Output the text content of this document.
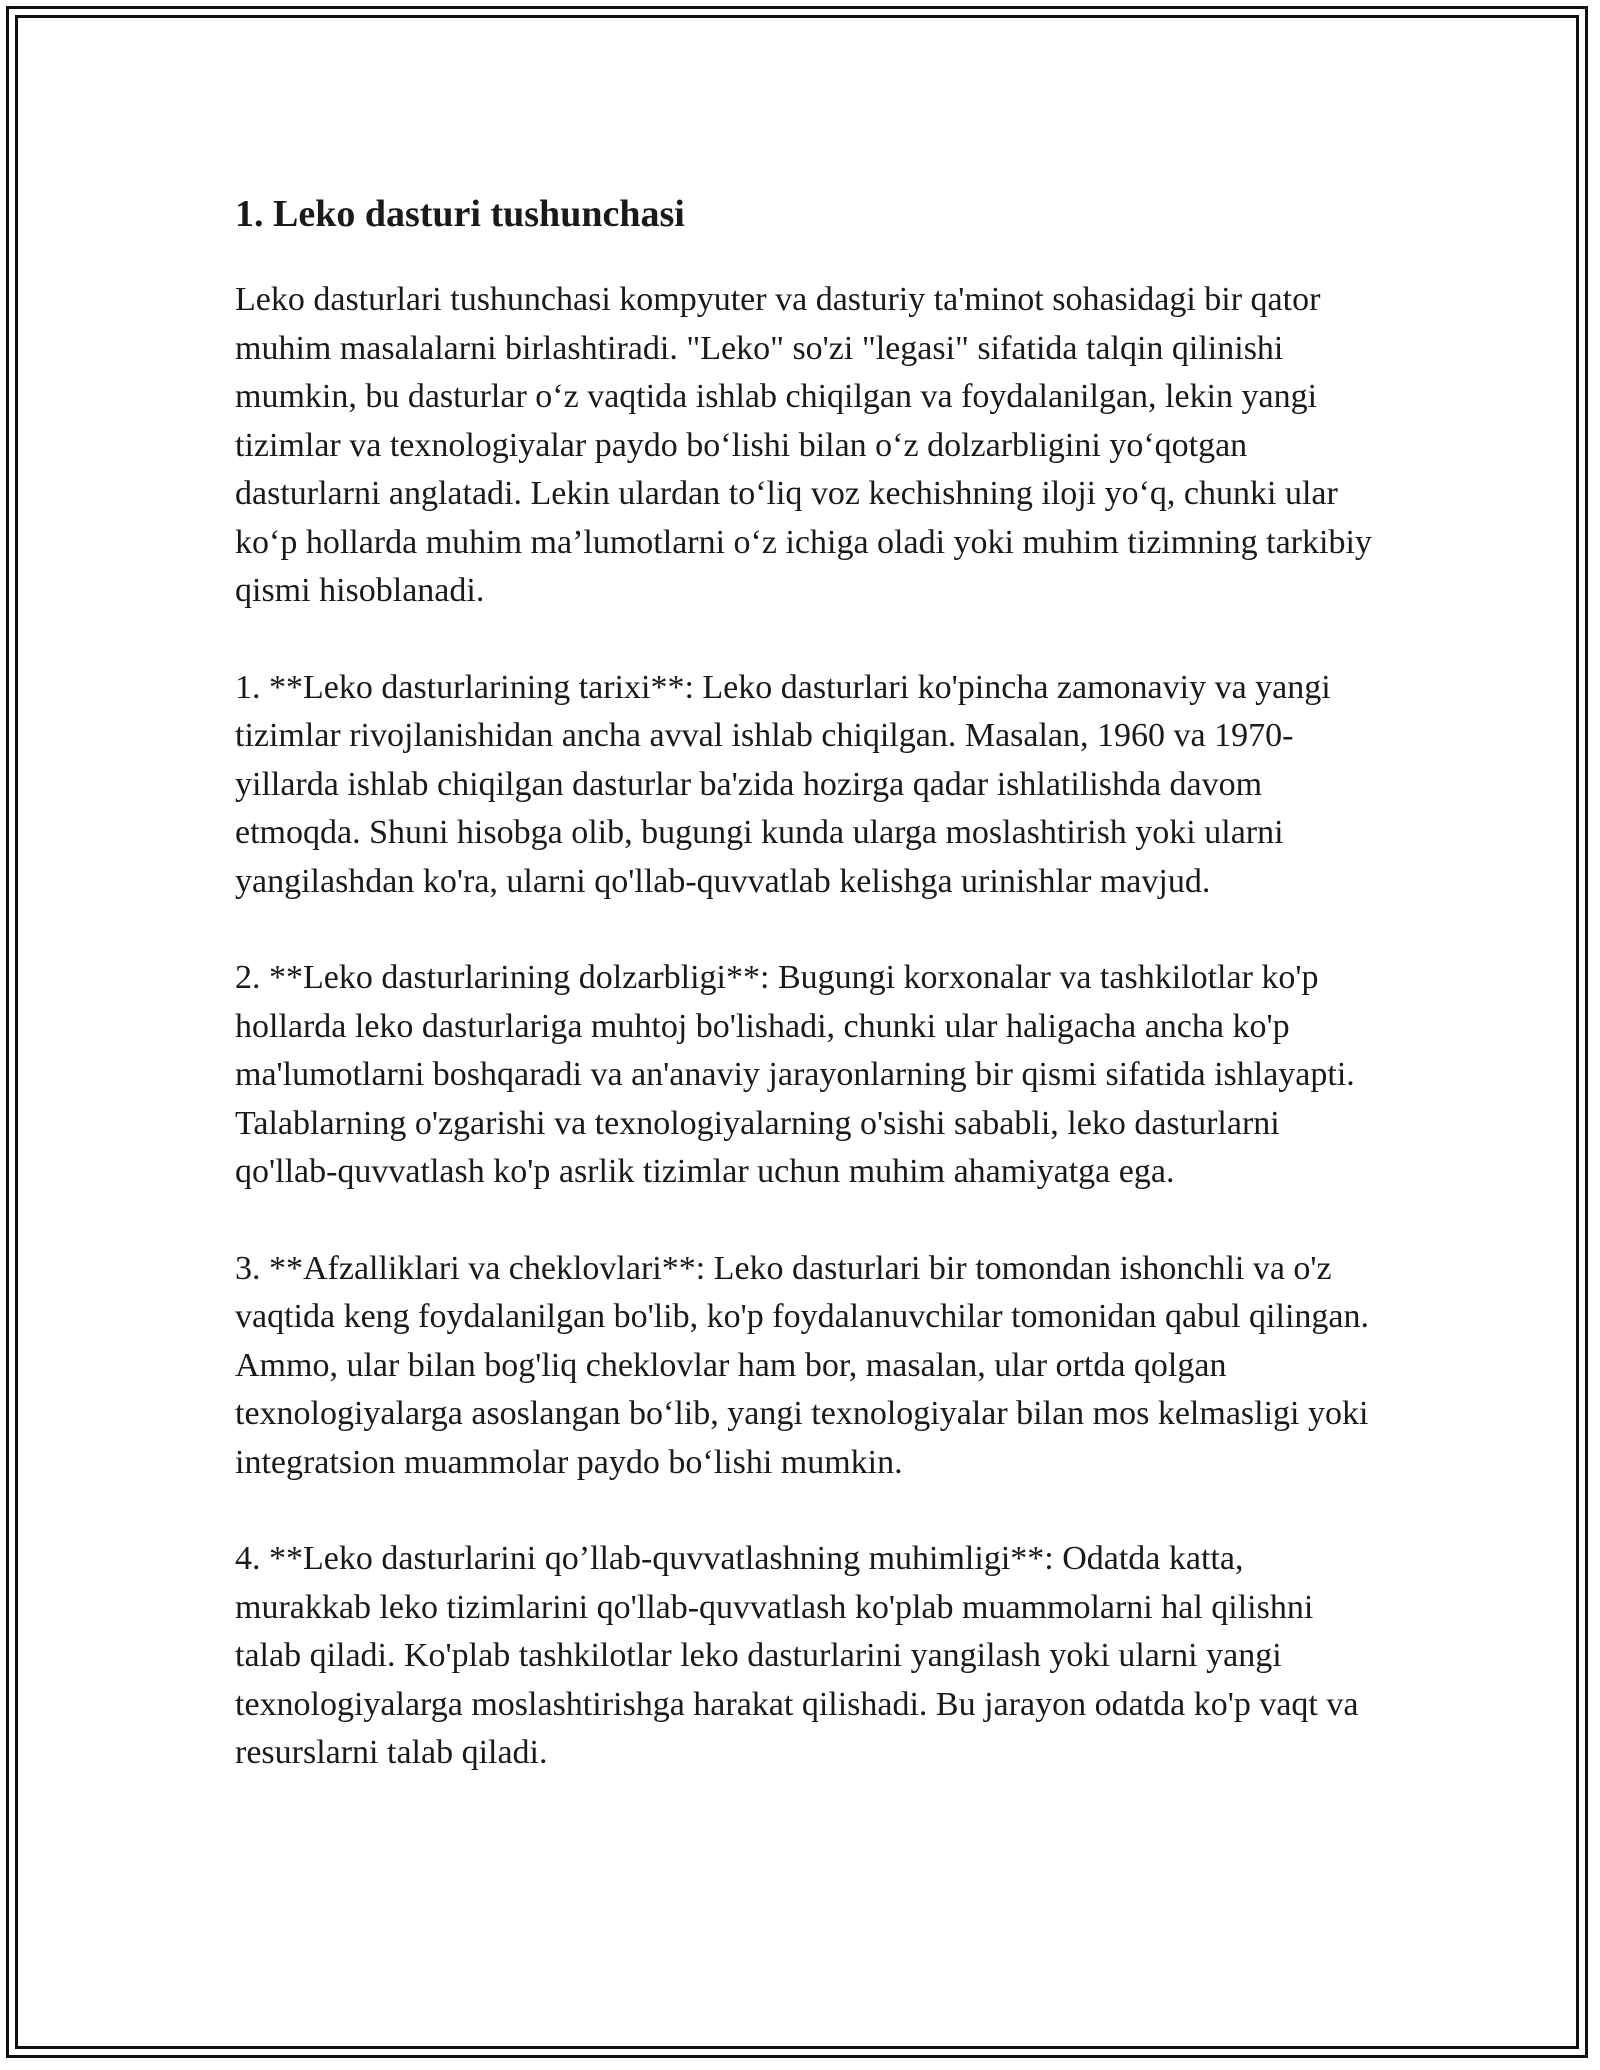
1. Leko dasturi tushunchasi

Leko dasturlari tushunchasi kompyuter va dasturiy ta'minot sohasidagi bir qator muhim masalalarni birlashtiradi. "Leko" so'zi "legasi" sifatida talqin qilinishi mumkin, bu dasturlar o‘z vaqtida ishlab chiqilgan va foydalanilgan, lekin yangi tizimlar va texnologiyalar paydo bo‘lishi bilan o‘z dolzarbligini yo‘qotgan dasturlarni anglatadi. Lekin ulardan to‘liq voz kechishning iloji yo‘q, chunki ular ko‘p hollarda muhim ma’lumotlarni o‘z ichiga oladi yoki muhim tizimning tarkibiy qismi hisoblanadi.

1. **Leko dasturlarining tarixi**: Leko dasturlari ko'pincha zamonaviy va yangi tizimlar rivojlanishidan ancha avval ishlab chiqilgan. Masalan, 1960 va 1970-yillarda ishlab chiqilgan dasturlar ba'zida hozirga qadar ishlatilishda davom etmoqda. Shuni hisobga olib, bugungi kunda ularga moslashtirish yoki ularni yangilashdan ko'ra, ularni qo'llab-quvvatlab kelishga urinishlar mavjud.

2. **Leko dasturlarining dolzarbligi**: Bugungi korxonalar va tashkilotlar ko'p hollarda leko dasturlariga muhtoj bo'lishadi, chunki ular haligacha ancha ko'p ma'lumotlarni boshqaradi va an'anaviy jarayonlarning bir qismi sifatida ishlayapti. Talablarning o'zgarishi va texnologiyalarning o'sishi sababli, leko dasturlarni qo'llab-quvvatlash ko'p asrlik tizimlar uchun muhim ahamiyatga ega.

3. **Afzalliklari va cheklovlari**: Leko dasturlari bir tomondan ishonchli va o'z vaqtida keng foydalanilgan bo'lib, ko'p foydalanuvchilar tomonidan qabul qilingan. Ammo, ular bilan bog'liq cheklovlar ham bor, masalan, ular ortda qolgan texnologiyalarga asoslangan bo‘lib, yangi texnologiyalar bilan mos kelmasligi yoki integratsion muammolar paydo bo‘lishi mumkin.

4. **Leko dasturlarini qo’llab-quvvatlashning muhimligi**: Odatda katta, murakkab leko tizimlarini qo'llab-quvvatlash ko'plab muammolarni hal qilishni talab qiladi. Ko'plab tashkilotlar leko dasturlarini yangilash yoki ularni yangi texnologiyalarga moslashtirishga harakat qilishadi. Bu jarayon odatda ko'p vaqt va resurslarni talab qiladi.
